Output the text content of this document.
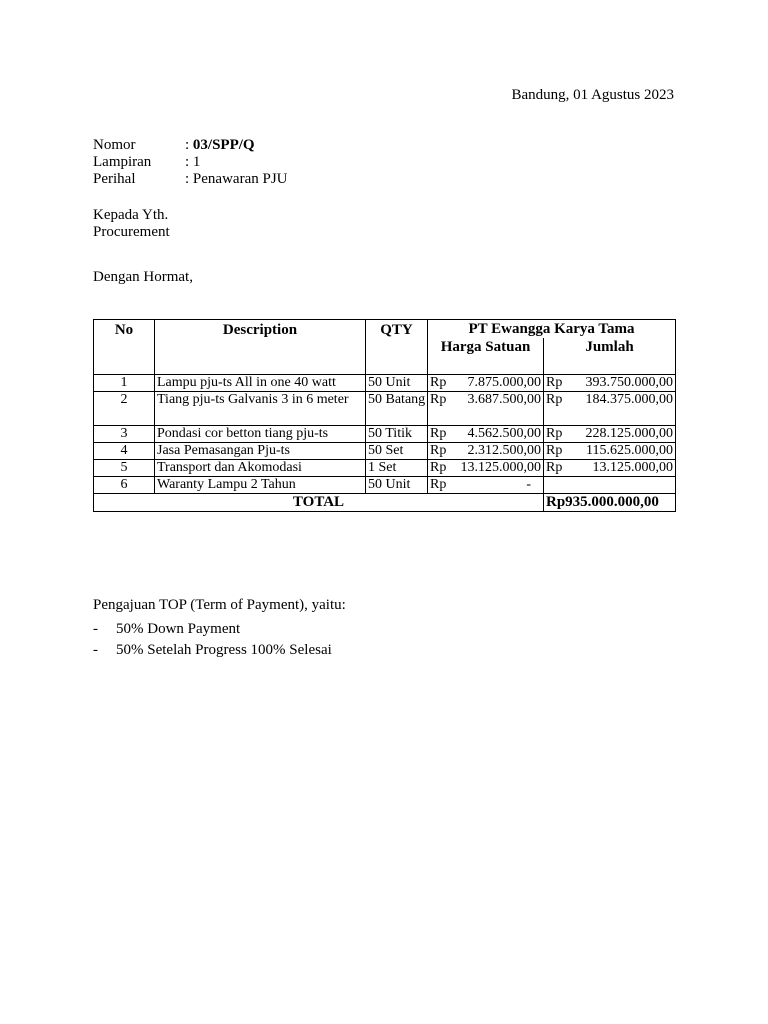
Bandung, 01 Agustus 2023
Nomor	: 03/SPP/Q
Lampiran : 1
Perihal	: Penawaran PJU
Kepada Yth.
Procurement
Dengan Hormat,
No	Description	QTY	PT Ewangga Karya Tama	
			Harga Satuan	Jumlah
1	Lampu pju-ts All in one 40 watt	50 Unit	Rp 7.875.000,00	Rp 393.750.000,00

2	Tiang pju-ts Galvanis 3 in 6 meter	50 Batang	Rp 3.687.500,00	Rp 184.375.000,00

3	Pondasi cor betton tiang pju-ts	50 Titik	Rp 4.562.500,00	Rp 228.125.000,00

4	Jasa Pemasangan Pju-ts	50 Set	Rp 2.312.500,00	Rp 115.625.000,00

5	Transport dan Akomodasi	1 Set	Rp 13.125.000,00	Rp 13.125.000,00

6	Waranty Lampu 2 Tahun	50 Unit	Rp -	

TOTAL				Rp935.000.000,00
Pengajuan TOP (Term of Payment), yaitu:
-	50% Down Payment
-	50% Setelah Progress 100% Selesai
